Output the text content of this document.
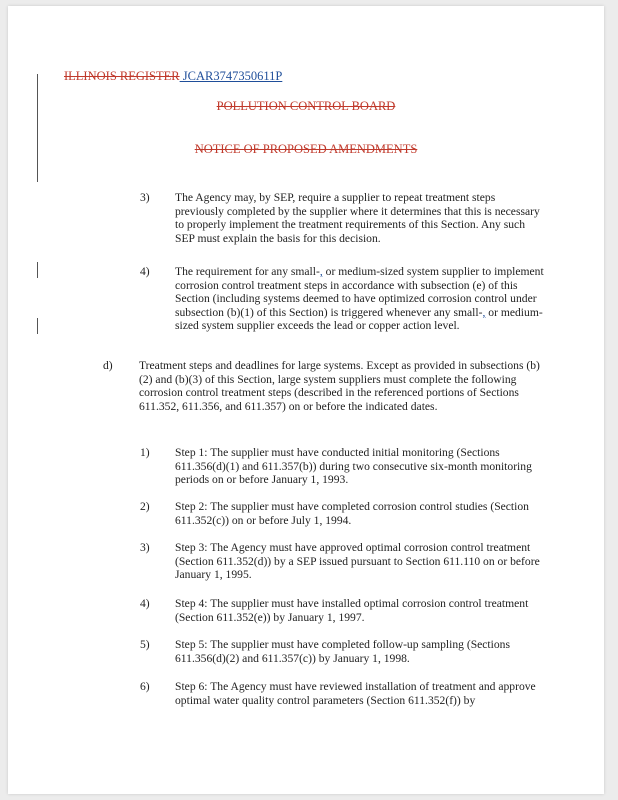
ILLINOIS REGISTER JCAR3747350611P
POLLUTION CONTROL BOARD
NOTICE OF PROPOSED AMENDMENTS
3) The Agency may, by SEP, require a supplier to repeat treatment steps previously completed by the supplier where it determines that this is necessary to properly implement the treatment requirements of this Section. Any such SEP must explain the basis for this decision.
4) The requirement for any small-, or medium-sized system supplier to implement corrosion control treatment steps in accordance with subsection (e) of this Section (including systems deemed to have optimized corrosion control under subsection (b)(1) of this Section) is triggered whenever any small-, or medium-sized system supplier exceeds the lead or copper action level.
d) Treatment steps and deadlines for large systems. Except as provided in subsections (b)(2) and (b)(3) of this Section, large system suppliers must complete the following corrosion control treatment steps (described in the referenced portions of Sections 611.352, 611.356, and 611.357) on or before the indicated dates.
1) Step 1: The supplier must have conducted initial monitoring (Sections 611.356(d)(1) and 611.357(b)) during two consecutive six-month monitoring periods on or before January 1, 1993.
2) Step 2: The supplier must have completed corrosion control studies (Section 611.352(c)) on or before July 1, 1994.
3) Step 3: The Agency must have approved optimal corrosion control treatment (Section 611.352(d)) by a SEP issued pursuant to Section 611.110 on or before January 1, 1995.
4) Step 4: The supplier must have installed optimal corrosion control treatment (Section 611.352(e)) by January 1, 1997.
5) Step 5: The supplier must have completed follow-up sampling (Sections 611.356(d)(2) and 611.357(c)) by January 1, 1998.
6) Step 6: The Agency must have reviewed installation of treatment and approve optimal water quality control parameters (Section 611.352(f)) by
